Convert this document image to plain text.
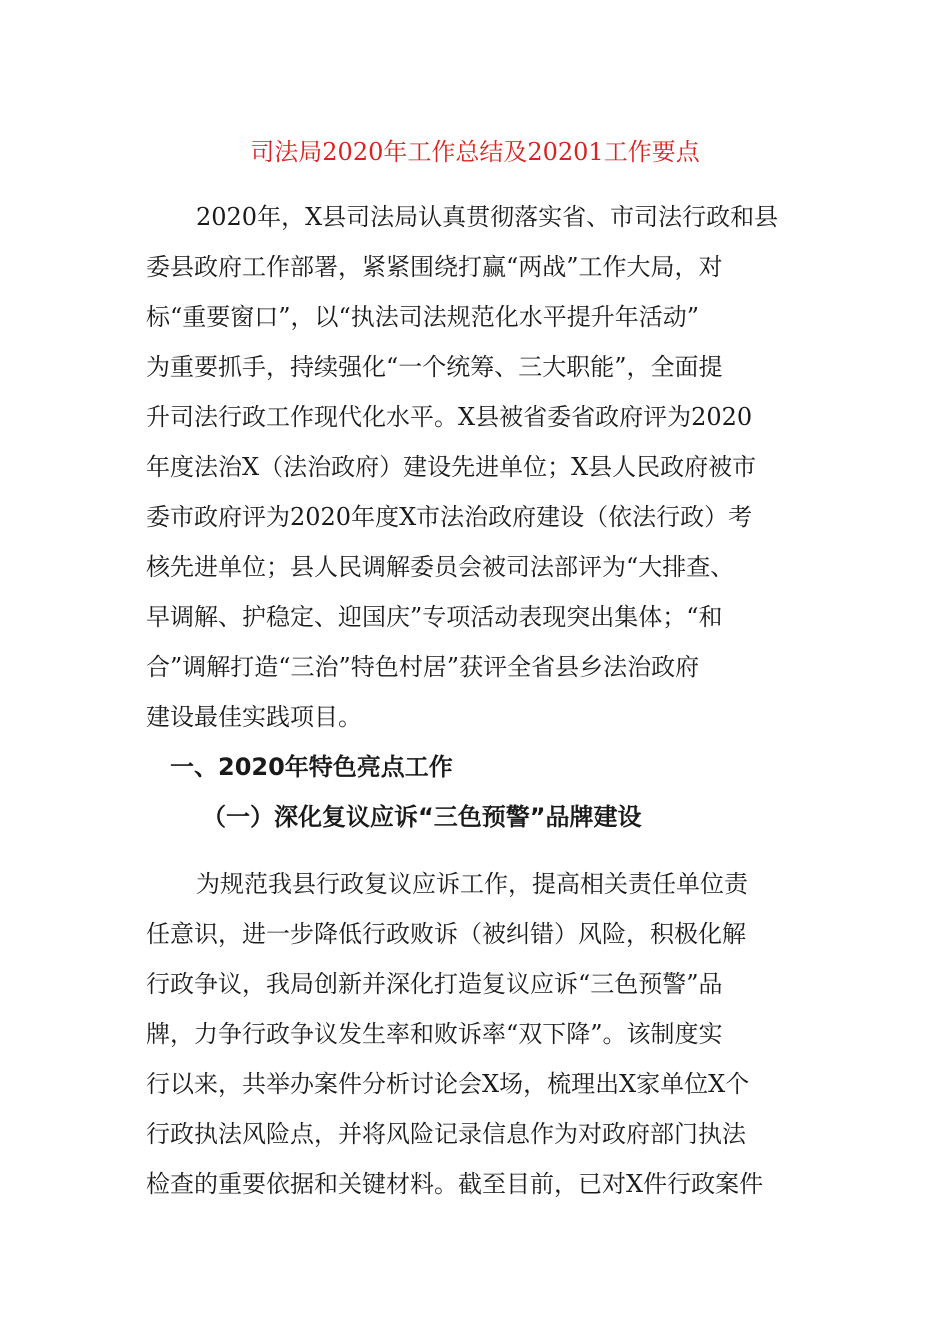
司法局2020年工作总结及20201工作要点
2020年，X县司法局认真贯彻落实省、市司法行政和县
委县政府工作部署，紧紧围绕打赢“两战”工作大局，对
标“重要窗口”，以“执法司法规范化水平提升年活动”
为重要抓手，持续强化“一个统筹、三大职能”，全面提
升司法行政工作现代化水平。X县被省委省政府评为2020
年度法治X（法治政府）建设先进单位；X县人民政府被市
委市政府评为2020年度X市法治政府建设（依法行政）考
核先进单位；县人民调解委员会被司法部评为“大排查、
早调解、护稳定、迎国庆”专项活动表现突出集体；“和
合”调解打造“三治”特色村居”获评全省县乡法治政府
建设最佳实践项目。
一、2020年特色亮点工作
（一）深化复议应诉“三色预警”品牌建设
为规范我县行政复议应诉工作，提高相关责任单位责
任意识，进一步降低行政败诉（被纠错）风险，积极化解
行政争议，我局创新并深化打造复议应诉“三色预警”品
牌，力争行政争议发生率和败诉率“双下降”。该制度实
行以来，共举办案件分析讨论会X场，梳理出X家单位X个
行政执法风险点，并将风险记录信息作为对政府部门执法
检查的重要依据和关键材料。截至目前，已对X件行政案件
